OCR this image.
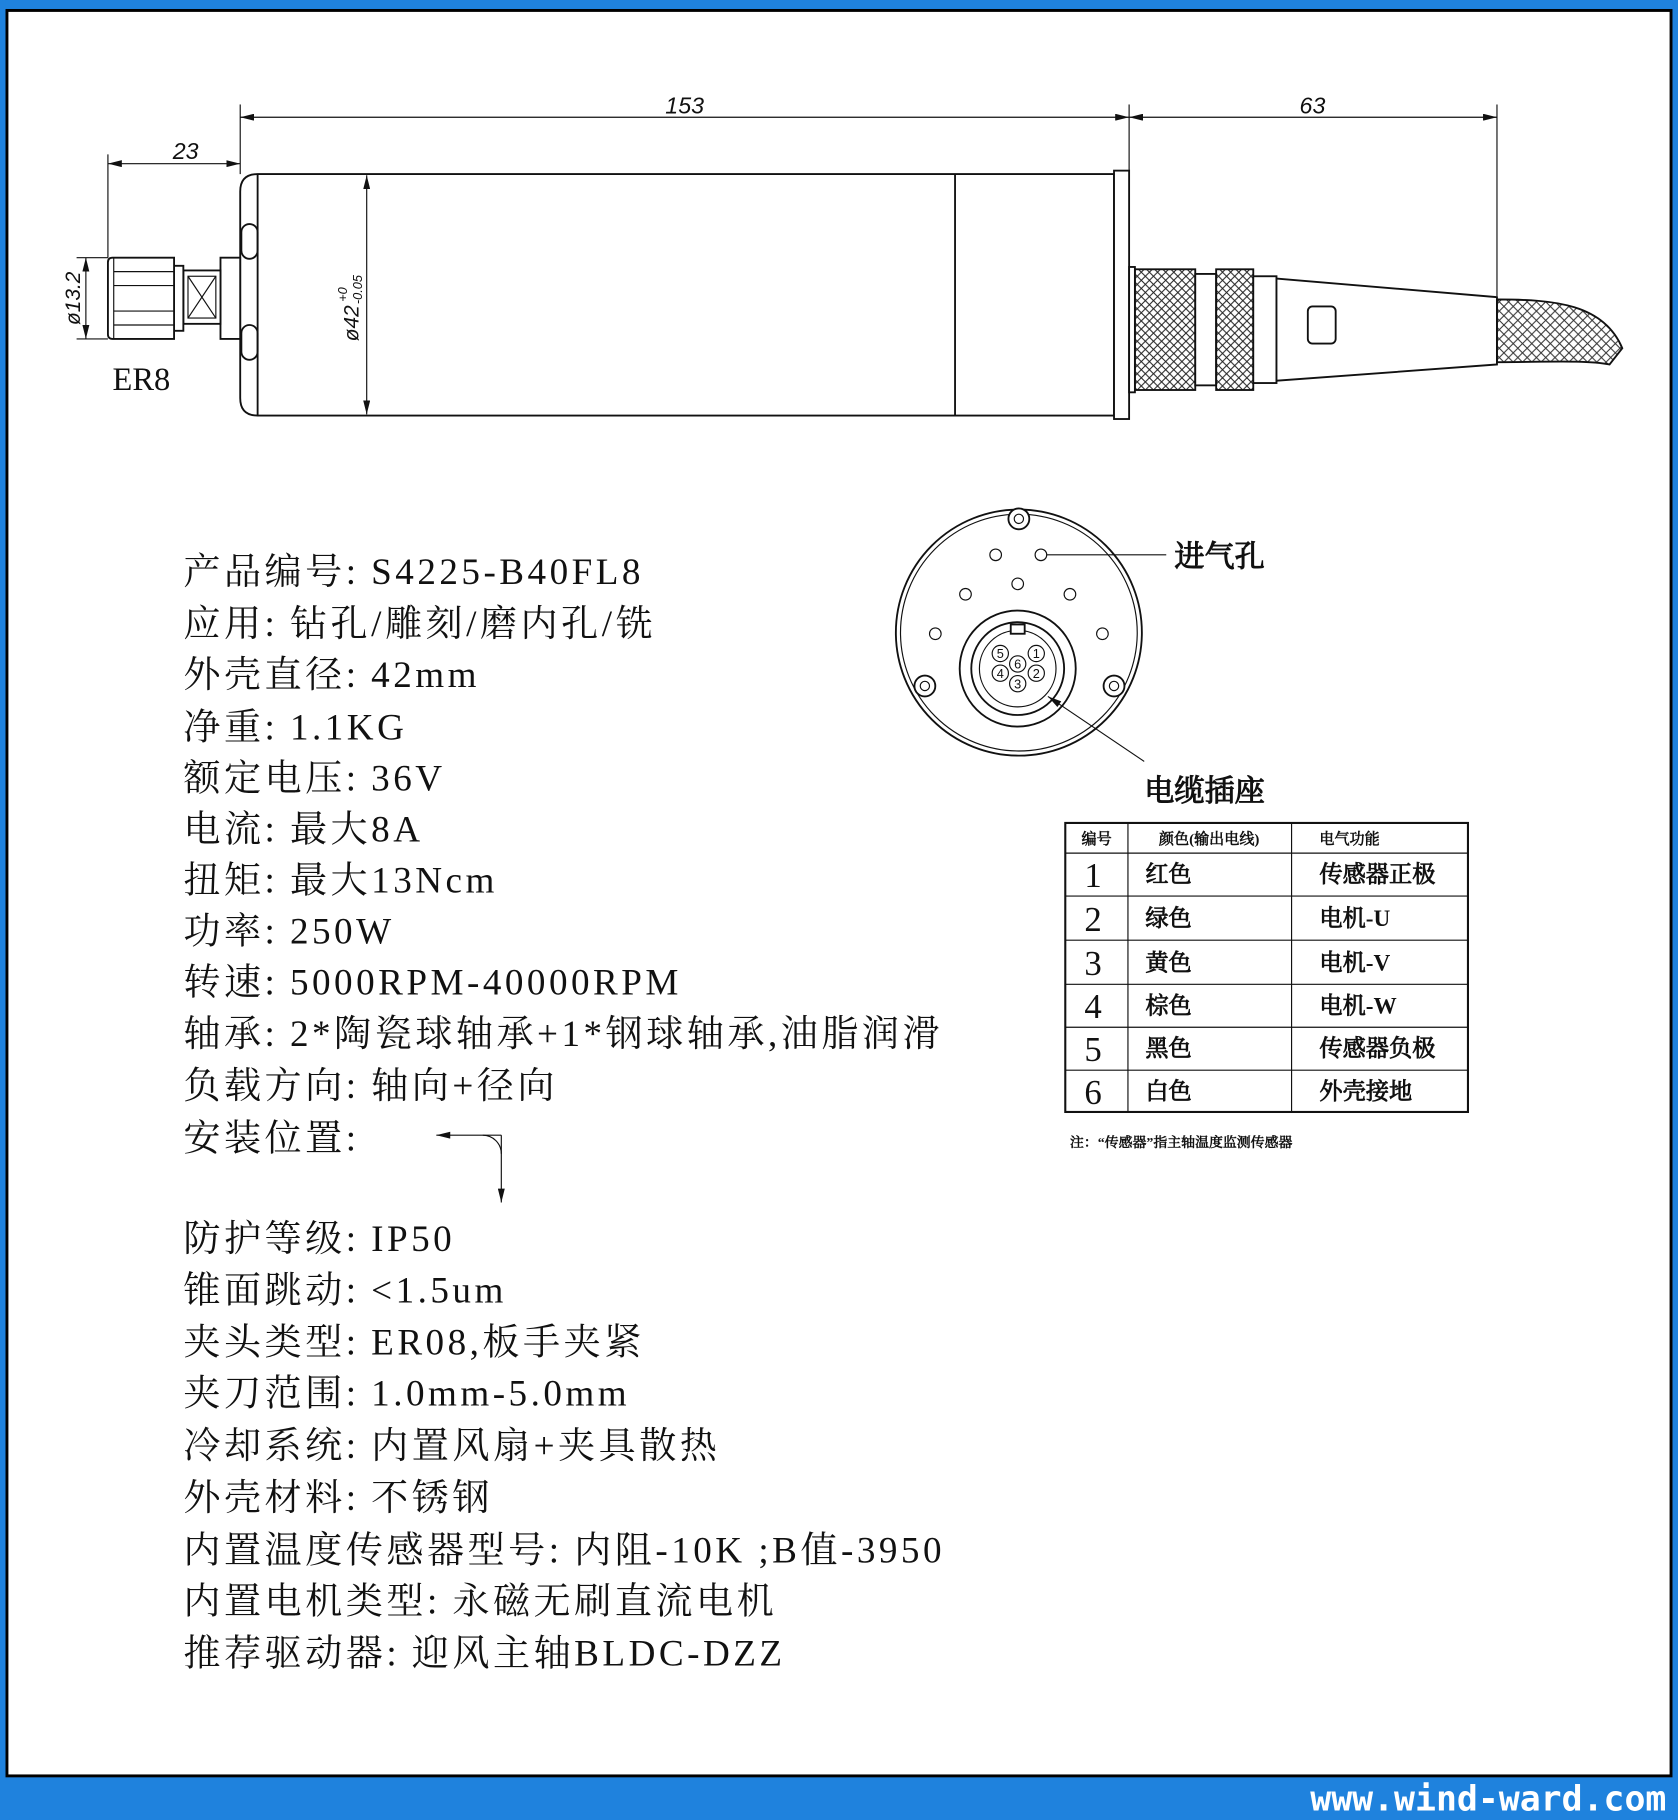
www.wind-ward.com
153	63
23
ø13.2	ø42
+0 -0.05
ER8
1
2
3
4
5
6
进气孔
电缆插座
编号	颜色(输出电线)	电气功能
1 红色	传感器正极
2 绿色	电机-U
3 黄色	电机-V
4 棕色	电机-W
5 黑色	传感器负极
6 白色	外壳接地
注：“传感器”指主轴温度监测传感器
产品编号: S4225-B40FL8
应用: 钻孔/雕刻/磨内孔/铣
外壳直径: 42mm
净重: 1.1KG
额定电压: 36V
电流: 最大8A
扭矩: 最大13Ncm
功率: 250W
转速: 5000RPM-40000RPM
轴承: 2*陶瓷球轴承+1*钢球轴承,油脂润滑
负载方向: 轴向+径向
安装位置:
防护等级: IP50
锥面跳动: <1.5um
夹头类型: ER08,板手夹紧
夹刀范围: 1.0mm-5.0mm
冷却系统: 内置风扇+夹具散热
外壳材料: 不锈钢
内置温度传感器型号: 内阻-10K ;B值-3950
内置电机类型: 永磁无刷直流电机
推荐驱动器: 迎风主轴BLDC-DZZ
